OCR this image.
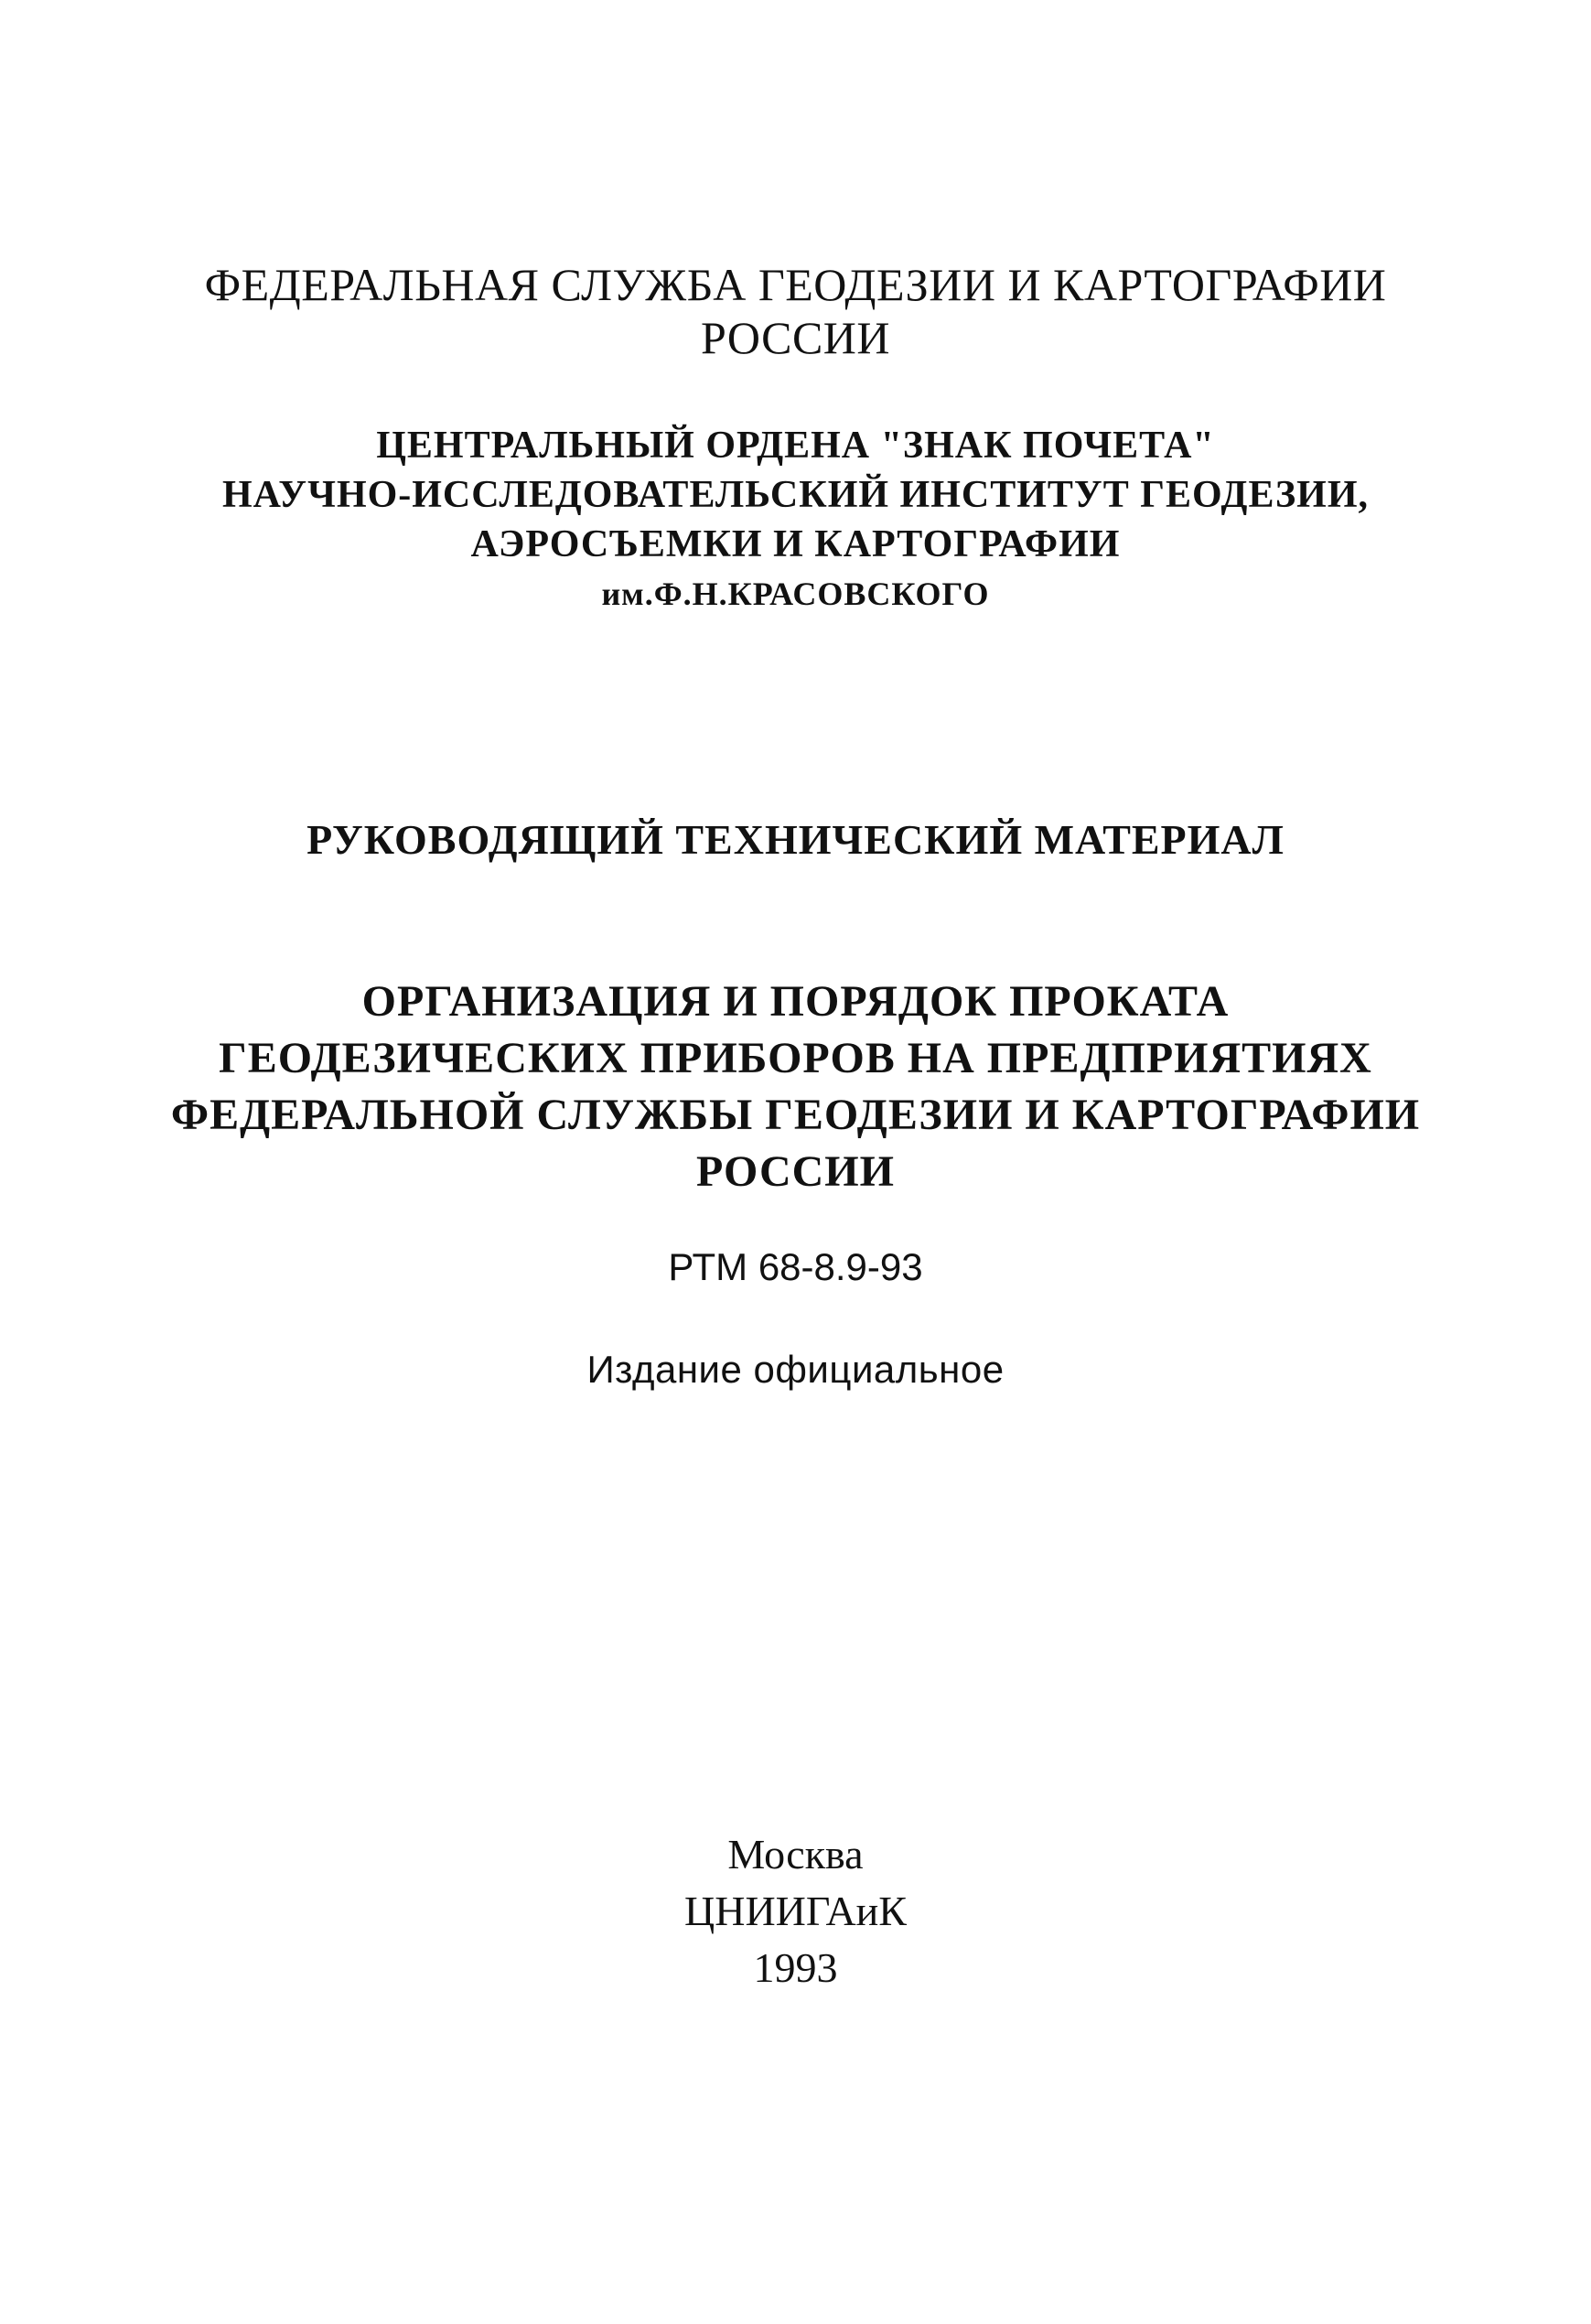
ФЕДЕРАЛЬНАЯ СЛУЖБА ГЕОДЕЗИИ И КАРТОГРАФИИ
РОССИИ
ЦЕНТРАЛЬНЫЙ ОРДЕНА "ЗНАК ПОЧЕТА"
НАУЧНО-ИССЛЕДОВАТЕЛЬСКИЙ ИНСТИТУТ ГЕОДЕЗИИ,
АЭРОСЪЕМКИ И КАРТОГРАФИИ
им.Ф.Н.КРАСОВСКОГО
РУКОВОДЯЩИЙ ТЕХНИЧЕСКИЙ МАТЕРИАЛ
ОРГАНИЗАЦИЯ И ПОРЯДОК ПРОКАТА
ГЕОДЕЗИЧЕСКИХ ПРИБОРОВ НА ПРЕДПРИЯТИЯХ
ФЕДЕРАЛЬНОЙ СЛУЖБЫ ГЕОДЕЗИИ И КАРТОГРАФИИ
РОССИИ
РТМ 68-8.9-93
Издание официальное
Москва
ЦНИИГАиК
1993
